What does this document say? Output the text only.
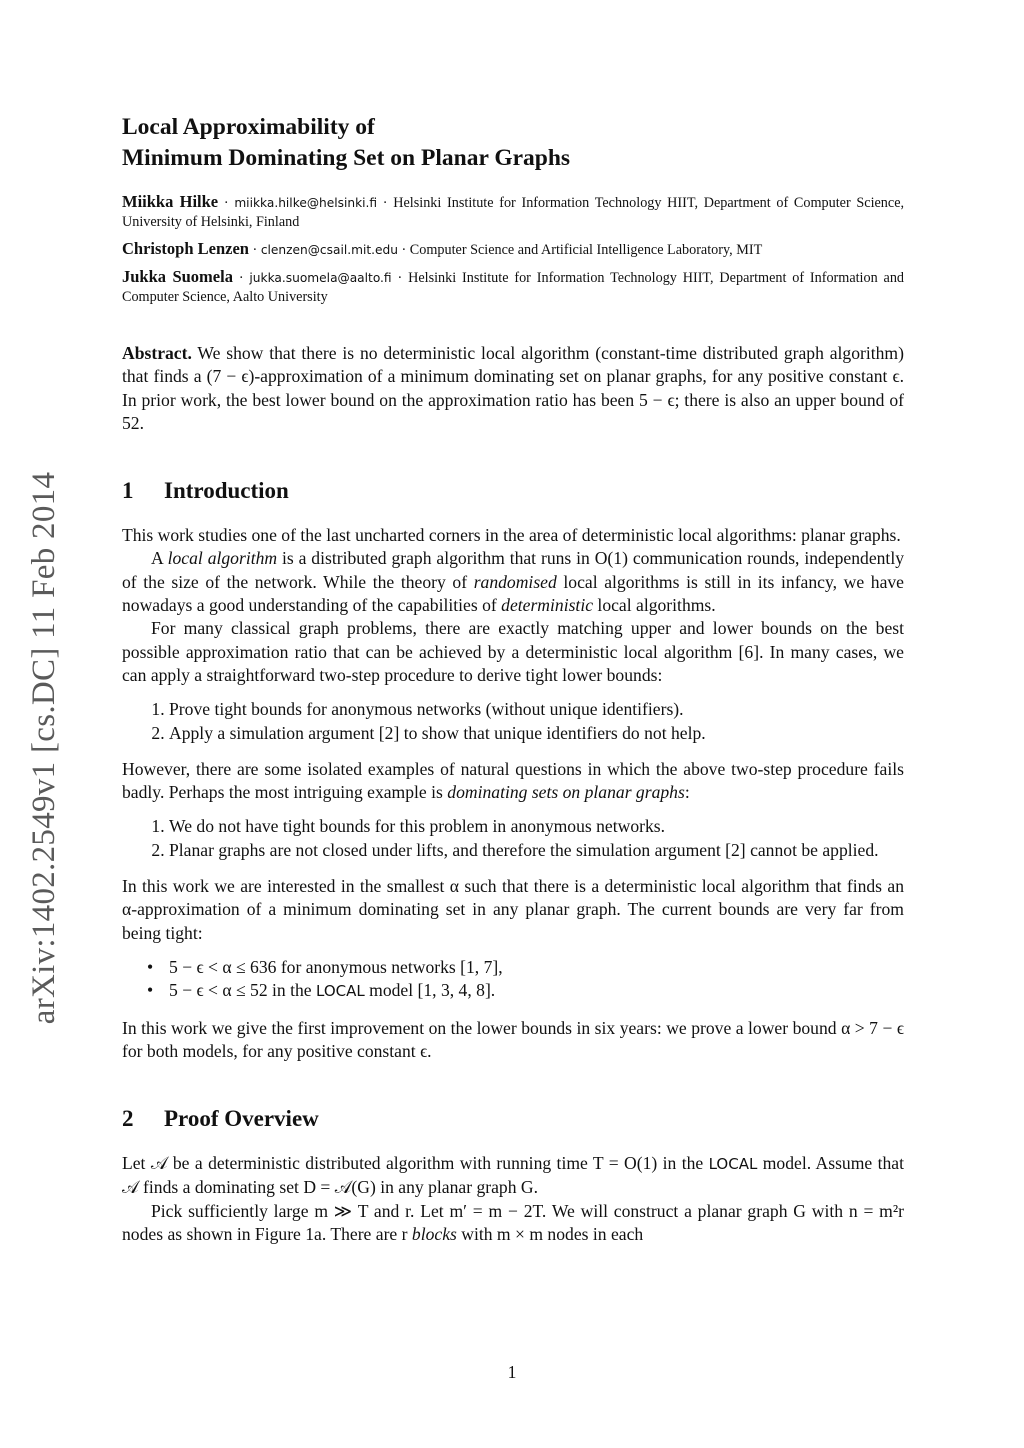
arXiv:1402.2549v1 [cs.DC] 11 Feb 2014
Local Approximability of
Minimum Dominating Set on Planar Graphs
Miikka Hilke · miikka.hilke@helsinki.fi · Helsinki Institute for Information Technology HIIT, Department of Computer Science, University of Helsinki, Finland
Christoph Lenzen · clenzen@csail.mit.edu · Computer Science and Artificial Intelligence Laboratory, MIT
Jukka Suomela · jukka.suomela@aalto.fi · Helsinki Institute for Information Technology HIIT, Department of Information and Computer Science, Aalto University

Abstract. We show that there is no deterministic local algorithm (constant-time distributed graph algorithm) that finds a (7 − ϵ)-approximation of a minimum dominating set on planar graphs, for any positive constant ϵ. In prior work, the best lower bound on the approximation ratio has been 5 − ϵ; there is also an upper bound of 52.

1 Introduction

This work studies one of the last uncharted corners in the area of deterministic local algorithms: planar graphs.

A local algorithm is a distributed graph algorithm that runs in O(1) communication rounds, independently of the size of the network. While the theory of randomised local algorithms is still in its infancy, we have nowadays a good understanding of the capabilities of deterministic local algorithms.

For many classical graph problems, there are exactly matching upper and lower bounds on the best possible approximation ratio that can be achieved by a deterministic local algorithm [6]. In many cases, we can apply a straightforward two-step procedure to derive tight lower bounds:

1. Prove tight bounds for anonymous networks (without unique identifiers).
2. Apply a simulation argument [2] to show that unique identifiers do not help.

However, there are some isolated examples of natural questions in which the above two-step procedure fails badly. Perhaps the most intriguing example is dominating sets on planar graphs:

1. We do not have tight bounds for this problem in anonymous networks.
2. Planar graphs are not closed under lifts, and therefore the simulation argument [2] cannot be applied.

In this work we are interested in the smallest α such that there is a deterministic local algorithm that finds an α-approximation of a minimum dominating set in any planar graph. The current bounds are very far from being tight:

• 5 − ϵ < α ≤ 636 for anonymous networks [1, 7],
• 5 − ϵ < α ≤ 52 in the LOCAL model [1, 3, 4, 8].

In this work we give the first improvement on the lower bounds in six years: we prove a lower bound α > 7 − ϵ for both models, for any positive constant ϵ.

2 Proof Overview

Let 𝒜 be a deterministic distributed algorithm with running time T = O(1) in the LOCAL model. Assume that 𝒜 finds a dominating set D = 𝒜(G) in any planar graph G.

Pick sufficiently large m ≫ T and r. Let m′ = m − 2T. We will construct a planar graph G with n = m²r nodes as shown in Figure 1a. There are r blocks with m × m nodes in each

1
